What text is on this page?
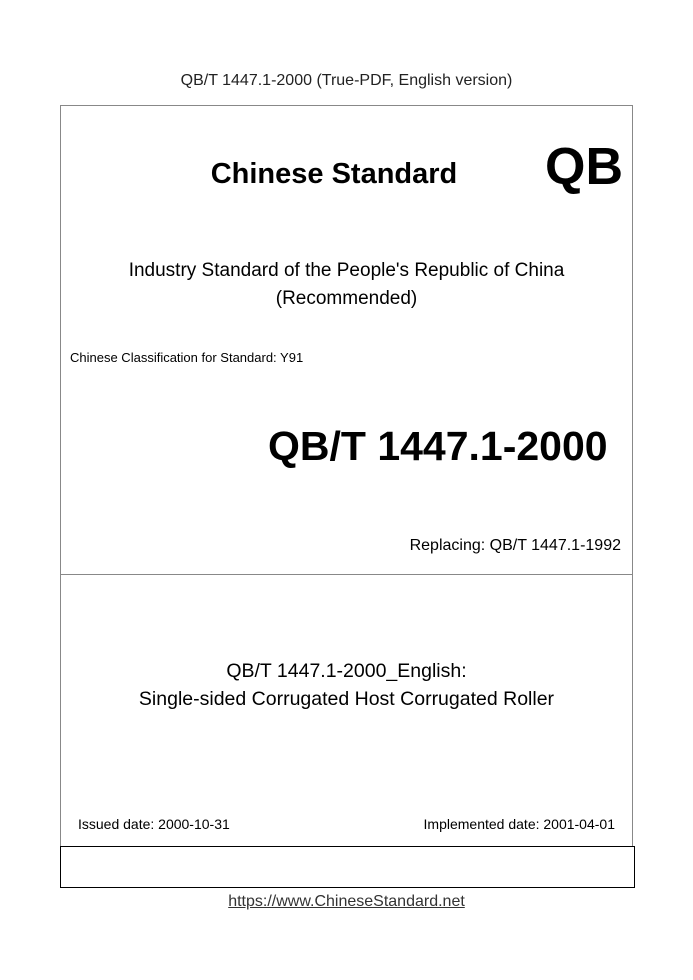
QB/T 1447.1-2000 (True-PDF, English version)
Chinese Standard	QB
Industry Standard of the People's Republic of China
(Recommended)
Chinese Classification for Standard: Y91
QB/T 1447.1-2000
Replacing: QB/T 1447.1-1992
QB/T 1447.1-2000_English:
Single-sided Corrugated Host Corrugated Roller
Issued date: 2000-10-31	Implemented date: 2001-04-01
https://www.ChineseStandard.net
